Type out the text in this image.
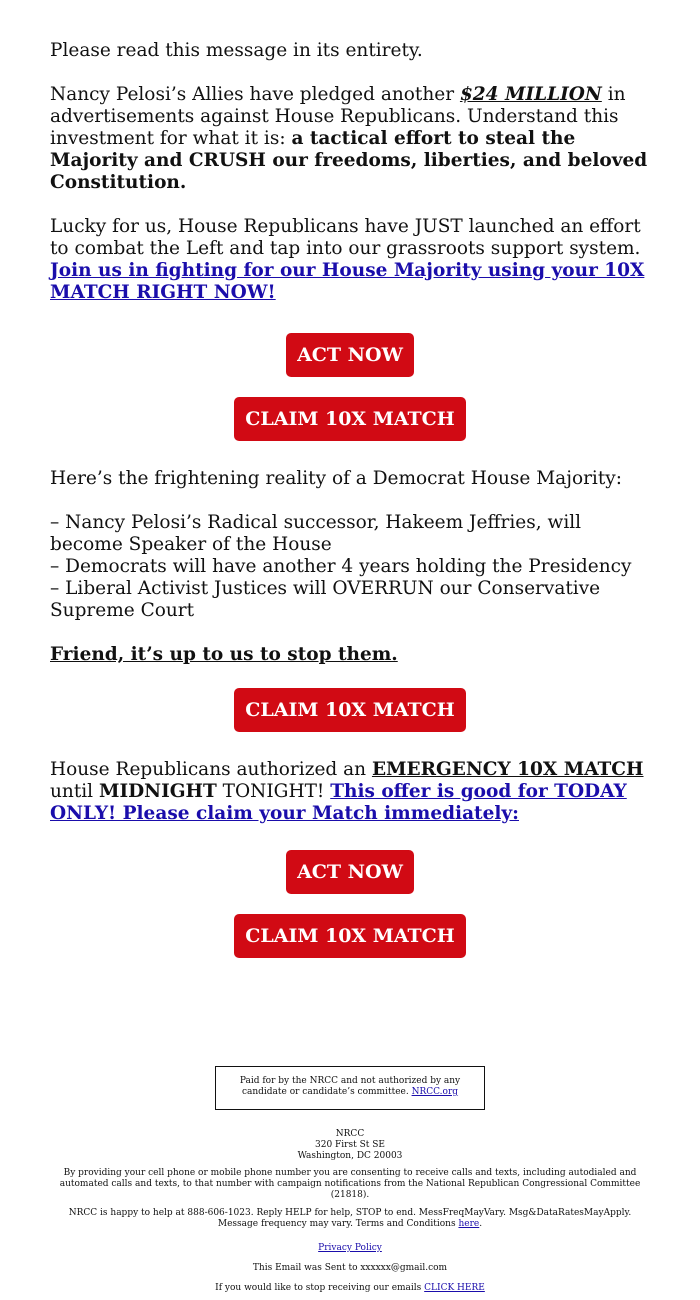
Please read this message in its entirety.

Nancy Pelosi’s Allies have pledged another $24 MILLION in advertisements against House Republicans. Understand this investment for what it is: a tactical effort to steal the Majority and CRUSH our freedoms, liberties, and beloved Constitution.

Lucky for us, House Republicans have JUST launched an effort to combat the Left and tap into our grassroots support system. Join us in fighting for our House Majority using your 10X MATCH RIGHT NOW!

ACT NOW
CLAIM 10X MATCH

Here’s the frightening reality of a Democrat House Majority:

– Nancy Pelosi’s Radical successor, Hakeem Jeffries, will become Speaker of the House
– Democrats will have another 4 years holding the Presidency
– Liberal Activist Justices will OVERRUN our Conservative Supreme Court

Friend, it’s up to us to stop them.

CLAIM 10X MATCH

House Republicans authorized an EMERGENCY 10X MATCH until MIDNIGHT TONIGHT! This offer is good for TODAY ONLY! Please claim your Match immediately:

ACT NOW
CLAIM 10X MATCH
Paid for by the NRCC and not authorized by any candidate or candidate’s committee. NRCC.org

NRCC

320 First St SE

Washington, DC 20003

By providing your cell phone or mobile phone number you are consenting to receive calls and texts, including autodialed and automated calls and texts, to that number with campaign notifications from the National Republican Congressional Committee (21818).

NRCC is happy to help at 888-606-1023. Reply HELP for help, STOP to end. MessFreqMayVary. Msg&DataRatesMayApply. Message frequency may vary. Terms and Conditions here.

Privacy Policy

This Email was Sent to xxxxxx@gmail.com

If you would like to stop receiving our emails CLICK HERE
